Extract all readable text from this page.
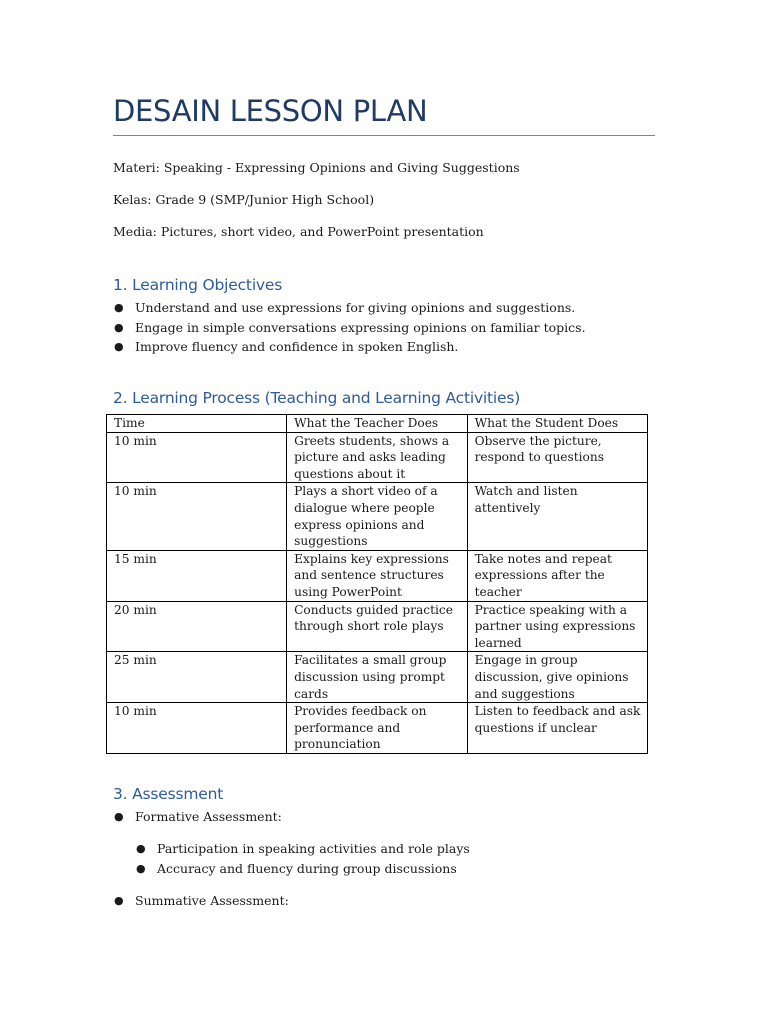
DESAIN LESSON PLAN
Materi: Speaking - Expressing Opinions and Giving Suggestions
Kelas: Grade 9 (SMP/Junior High School)
Media: Pictures, short video, and PowerPoint presentation
1. Learning Objectives
● Understand and use expressions for giving opinions and suggestions.
● Engage in simple conversations expressing opinions on familiar topics.
● Improve fluency and confidence in spoken English.
2. Learning Process (Teaching and Learning Activities)
Time	What the Teacher Does	What the Student Does
10 min	Greets students, shows a picture and asks leading questions about it	Observe the picture, respond to questions
10 min	Plays a short video of a dialogue where people express opinions and suggestions	Watch and listen attentively
15 min	Explains key expressions and sentence structures using PowerPoint	Take notes and repeat expressions after the teacher
20 min	Conducts guided practice through short role plays	Practice speaking with a partner using expressions learned
25 min	Facilitates a small group discussion using prompt cards	Engage in group discussion, give opinions and suggestions
10 min	Provides feedback on performance and pronunciation	Listen to feedback and ask questions if unclear
3. Assessment
● Formative Assessment:
● Participation in speaking activities and role plays
● Accuracy and fluency during group discussions
● Summative Assessment:
